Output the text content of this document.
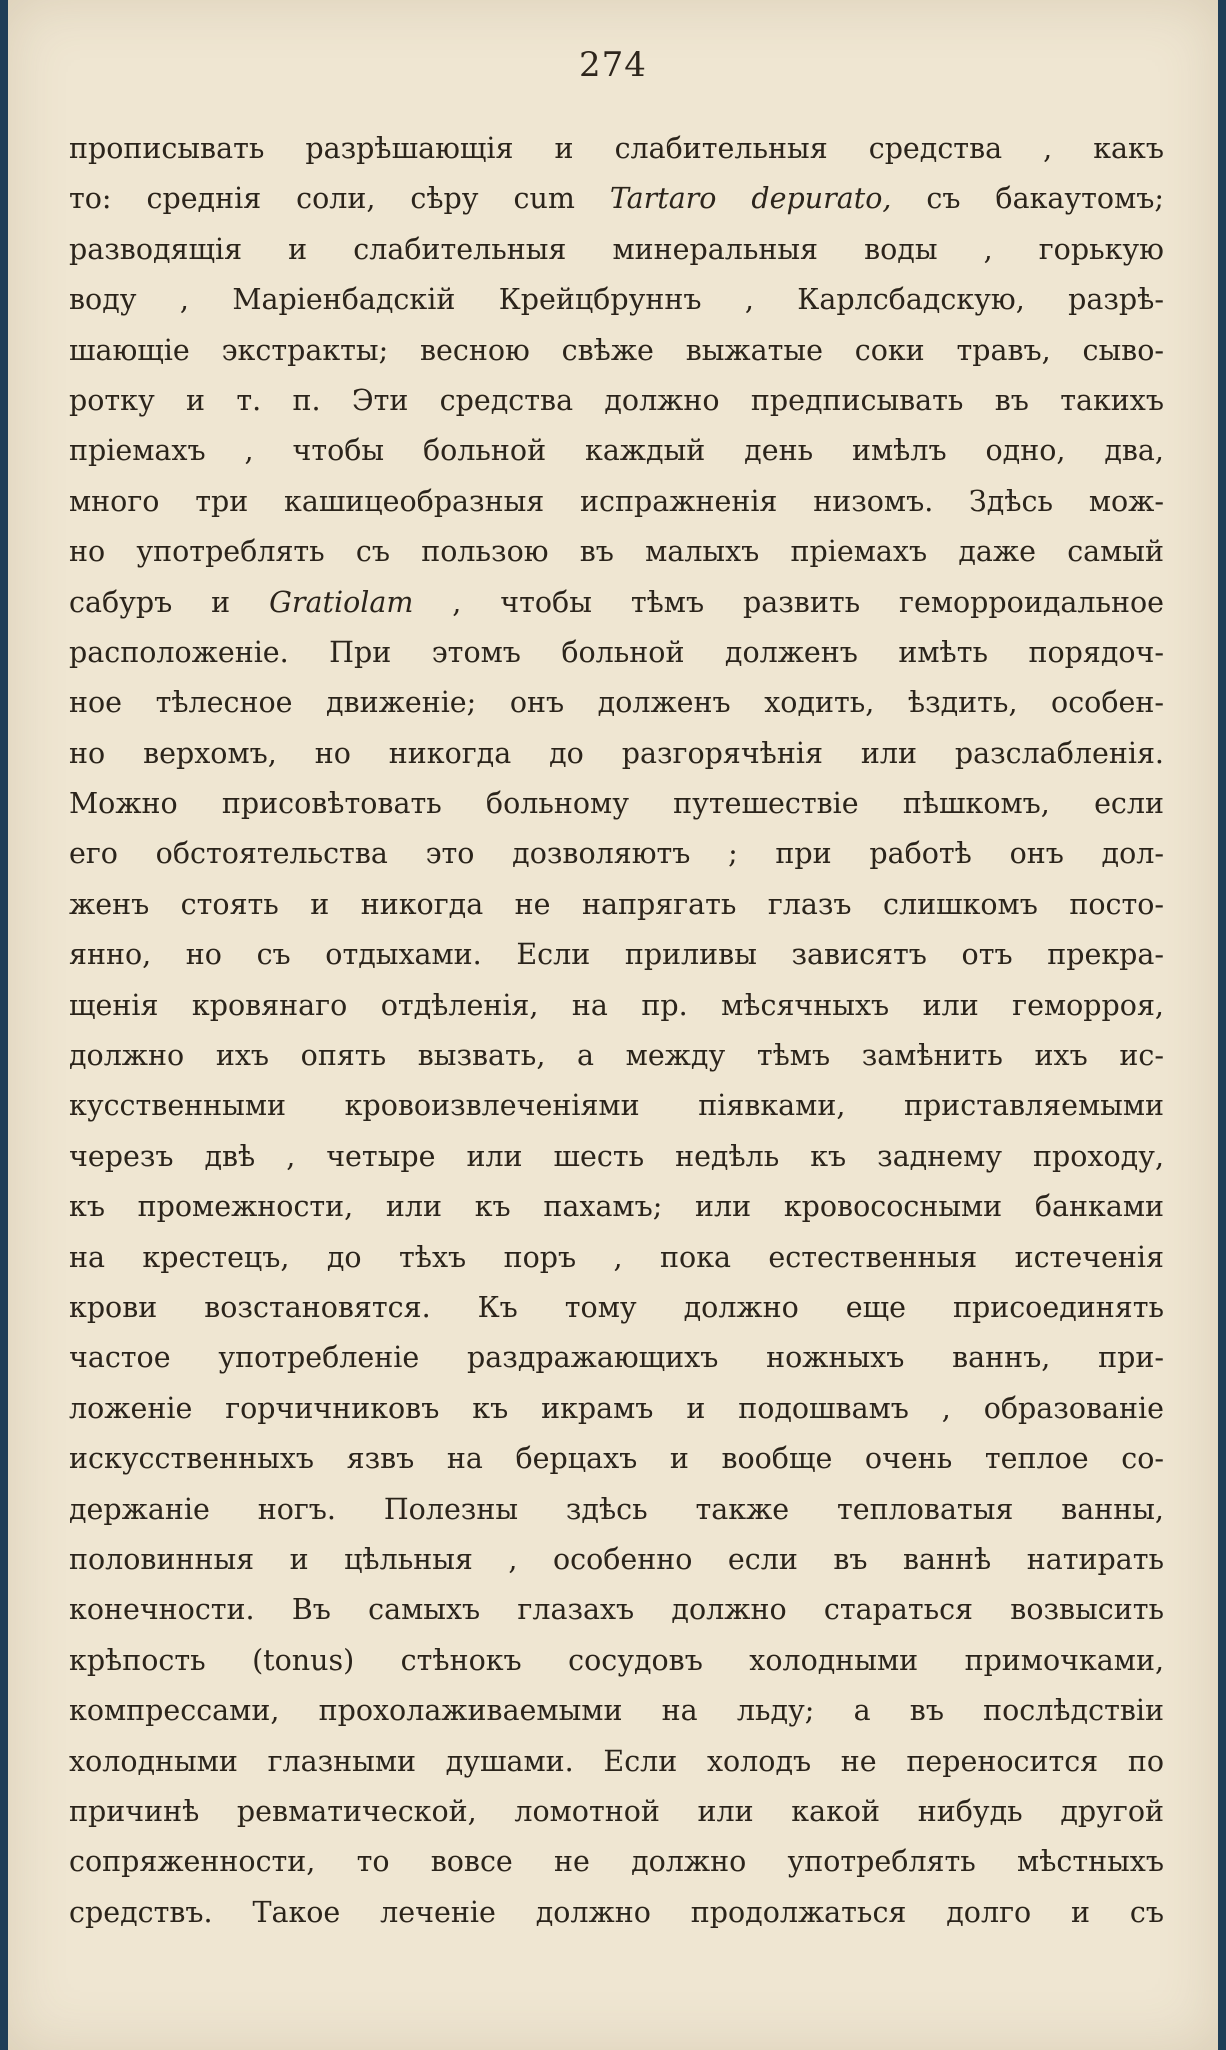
274
прописывать разрѣшающія и слабительныя средства , какъ
то: среднія соли, сѣру cum Tartaro depurato, съ бакаутомъ;
разводящія и слабительныя минеральныя воды , горькую
воду , Маріенбадскій Крейцбруннъ , Карлсбадскую, разрѣ-
шающіе экстракты; весною свѣже выжатые соки травъ, сыво-
ротку и т. п. Эти средства должно предписывать въ такихъ
пріемахъ , чтобы больной каждый день имѣлъ одно, два,
много три кашицеобразныя испражненія низомъ. Здѣсь мож-
но употреблять съ пользою въ малыхъ пріемахъ даже самый
сабуръ и Gratiolam , чтобы тѣмъ развить геморроидальное
расположеніе. При этомъ больной долженъ имѣть порядоч-
ное тѣлесное движеніе; онъ долженъ ходить, ѣздить, особен-
но верхомъ, но никогда до разгорячѣнія или разслабленія.
Можно присовѣтовать больному путешествіе пѣшкомъ, если
его обстоятельства это дозволяютъ ; при работѣ онъ дол-
женъ стоять и никогда не напрягать глазъ слишкомъ посто-
янно, но съ отдыхами. Если приливы зависятъ отъ прекра-
щенія кровянаго отдѣленія, на пр. мѣсячныхъ или геморроя,
должно ихъ опять вызвать, а между тѣмъ замѣнить ихъ ис-
кусственными кровоизвлеченіями піявками, приставляемыми
черезъ двѣ , четыре или шесть недѣль къ заднему проходу,
къ промежности, или къ пахамъ; или кровососными банками
на крестецъ, до тѣхъ поръ , пока естественныя истеченія
крови возстановятся. Къ тому должно еще присоединять
частое употребленіе раздражающихъ ножныхъ ваннъ, при-
ложеніе горчичниковъ къ икрамъ и подошвамъ , образованіе
искусственныхъ язвъ на берцахъ и вообще очень теплое со-
держаніе ногъ. Полезны здѣсь также тепловатыя ванны,
половинныя и цѣльныя , особенно если въ ваннѣ натирать
конечности. Въ самыхъ глазахъ должно стараться возвысить
крѣпость (tonus) стѣнокъ сосудовъ холодными примочками,
компрессами, прохолаживаемыми на льду; а въ послѣдствіи
холодными глазными душами. Если холодъ не переносится по
причинѣ ревматической, ломотной или какой нибудь другой
сопряженности, то вовсе не должно употреблять мѣстныхъ
средствъ. Такое леченіе должно продолжаться долго и съ
